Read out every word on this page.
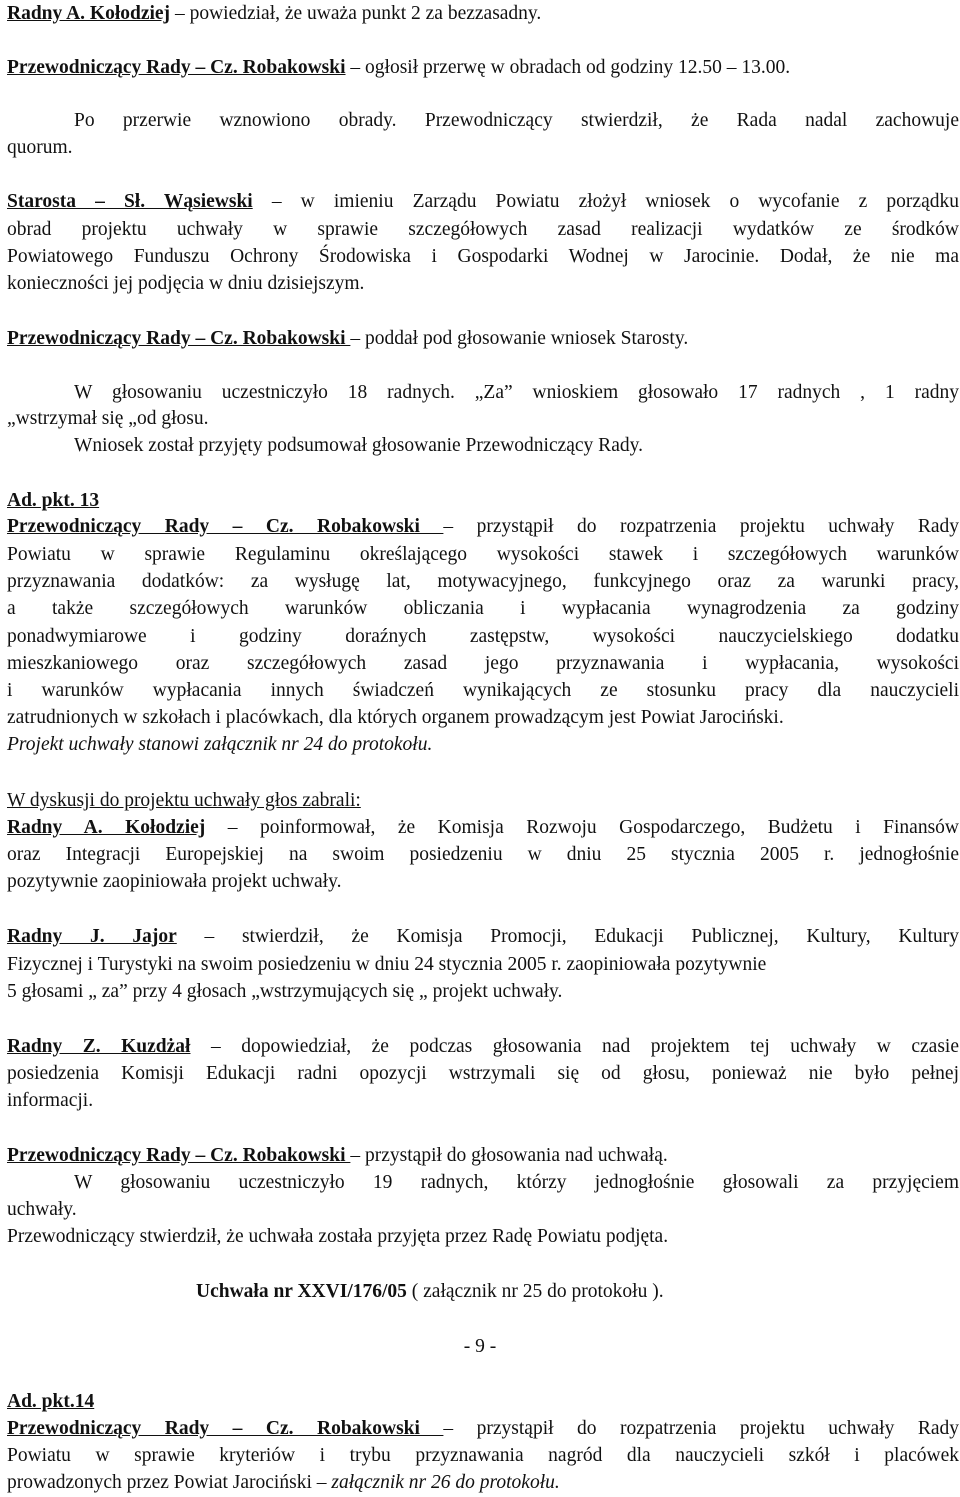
Radny A. Kołodziej – powiedział, że uważa punkt 2 za bezzasadny.
Przewodniczący Rady – Cz. Robakowski – ogłosił przerwę w obradach od godziny 12.50 – 13.00.
Po przerwie wznowiono obrady. Przewodniczący stwierdził, że Rada nadal zachowuje
quorum.
Starosta – Sł. Wąsiewski – w imieniu Zarządu Powiatu złożył wniosek o wycofanie z porządku
obrad projektu uchwały w sprawie szczegółowych zasad realizacji wydatków ze środków
Powiatowego Funduszu Ochrony Środowiska i Gospodarki Wodnej w Jarocinie. Dodał, że nie ma
konieczności jej podjęcia w dniu dzisiejszym.
Przewodniczący Rady – Cz. Robakowski – poddał pod głosowanie wniosek Starosty.
W głosowaniu uczestniczyło 18 radnych. „Za” wnioskiem głosowało 17 radnych , 1 radny
„wstrzymał się „od głosu.
Wniosek został przyjęty podsumował głosowanie Przewodniczący Rady.
Ad. pkt. 13
Przewodniczący Rady – Cz. Robakowski – przystąpił do rozpatrzenia projektu uchwały Rady
Powiatu w sprawie Regulaminu określającego wysokości stawek i szczegółowych warunków
przyznawania dodatków: za wysługę lat, motywacyjnego, funkcyjnego oraz za warunki pracy,
a także szczegółowych warunków obliczania i wypłacania wynagrodzenia za godziny
ponadwymiarowe i godziny doraźnych zastępstw, wysokości nauczycielskiego dodatku
mieszkaniowego oraz szczegółowych zasad jego przyznawania i wypłacania, wysokości
i warunków wypłacania innych świadczeń wynikających ze stosunku pracy dla nauczycieli
zatrudnionych w szkołach i placówkach, dla których organem prowadzącym jest Powiat Jarociński.
Projekt uchwały stanowi załącznik nr 24 do protokołu.
W dyskusji do projektu uchwały głos zabrali:
Radny A. Kołodziej – poinformował, że Komisja Rozwoju Gospodarczego, Budżetu i Finansów
oraz Integracji Europejskiej na swoim posiedzeniu w dniu 25 stycznia 2005 r. jednogłośnie
pozytywnie zaopiniowała projekt uchwały.
Radny J. Jajor – stwierdził, że Komisja Promocji, Edukacji Publicznej, Kultury, Kultury
Fizycznej i Turystyki na swoim posiedzeniu w dniu 24 stycznia 2005 r. zaopiniowała pozytywnie
5 głosami „ za” przy 4 głosach „wstrzymujących się „ projekt uchwały.
Radny Z. Kuzdżał – dopowiedział, że podczas głosowania nad projektem tej uchwały w czasie
posiedzenia Komisji Edukacji radni opozycji wstrzymali się od głosu, ponieważ nie było pełnej
informacji.
Przewodniczący Rady – Cz. Robakowski – przystąpił do głosowania nad uchwałą.
W głosowaniu uczestniczyło 19 radnych, którzy jednogłośnie głosowali za przyjęciem
uchwały.
Przewodniczący stwierdził, że uchwała została przyjęta przez Radę Powiatu podjęta.
Uchwała nr XXVI/176/05 ( załącznik nr 25 do protokołu ).
- 9 -
Ad. pkt.14
Przewodniczący Rady – Cz. Robakowski – przystąpił do rozpatrzenia projektu uchwały Rady
Powiatu w sprawie kryteriów i trybu przyznawania nagród dla nauczycieli szkół i placówek
prowadzonych przez Powiat Jarociński – załącznik nr 26 do protokołu.
